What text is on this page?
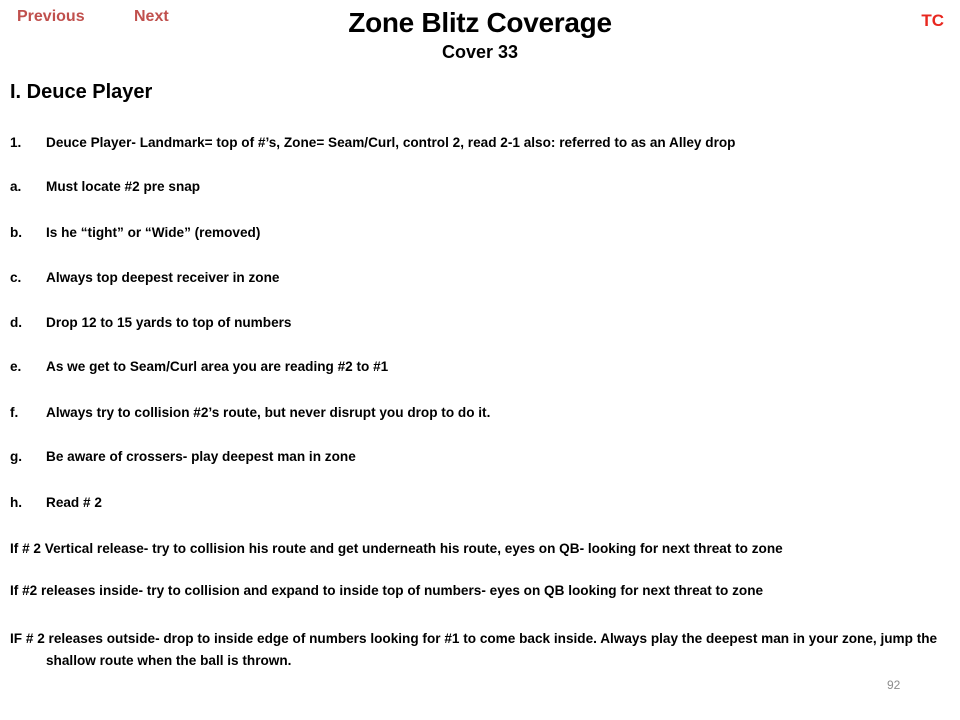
Previous	Next	TC
Zone Blitz Coverage
Cover 33
I. Deuce Player
1. Deuce Player- Landmark= top of #’s, Zone= Seam/Curl, control 2, read 2-1 also: referred to as an Alley drop
a. Must locate #2 pre snap
b. Is he “tight” or “Wide” (removed)
c. Always top deepest receiver in zone
d. Drop 12 to 15 yards to top of numbers
e. As we get to Seam/Curl area you are reading #2 to #1
f. Always try to collision #2’s route, but never disrupt you drop to do it.
g. Be aware of crossers- play deepest man in zone
h. Read # 2
If # 2 Vertical release- try to collision his route and get underneath his route, eyes on QB- looking for next threat to zone
If #2 releases inside- try to collision and expand to inside top of numbers- eyes on QB looking for next threat to zone
IF # 2 releases outside- drop to inside edge of numbers looking for #1 to come back inside. Always play the deepest man in your zone, jump the shallow route when the ball is thrown.
92
